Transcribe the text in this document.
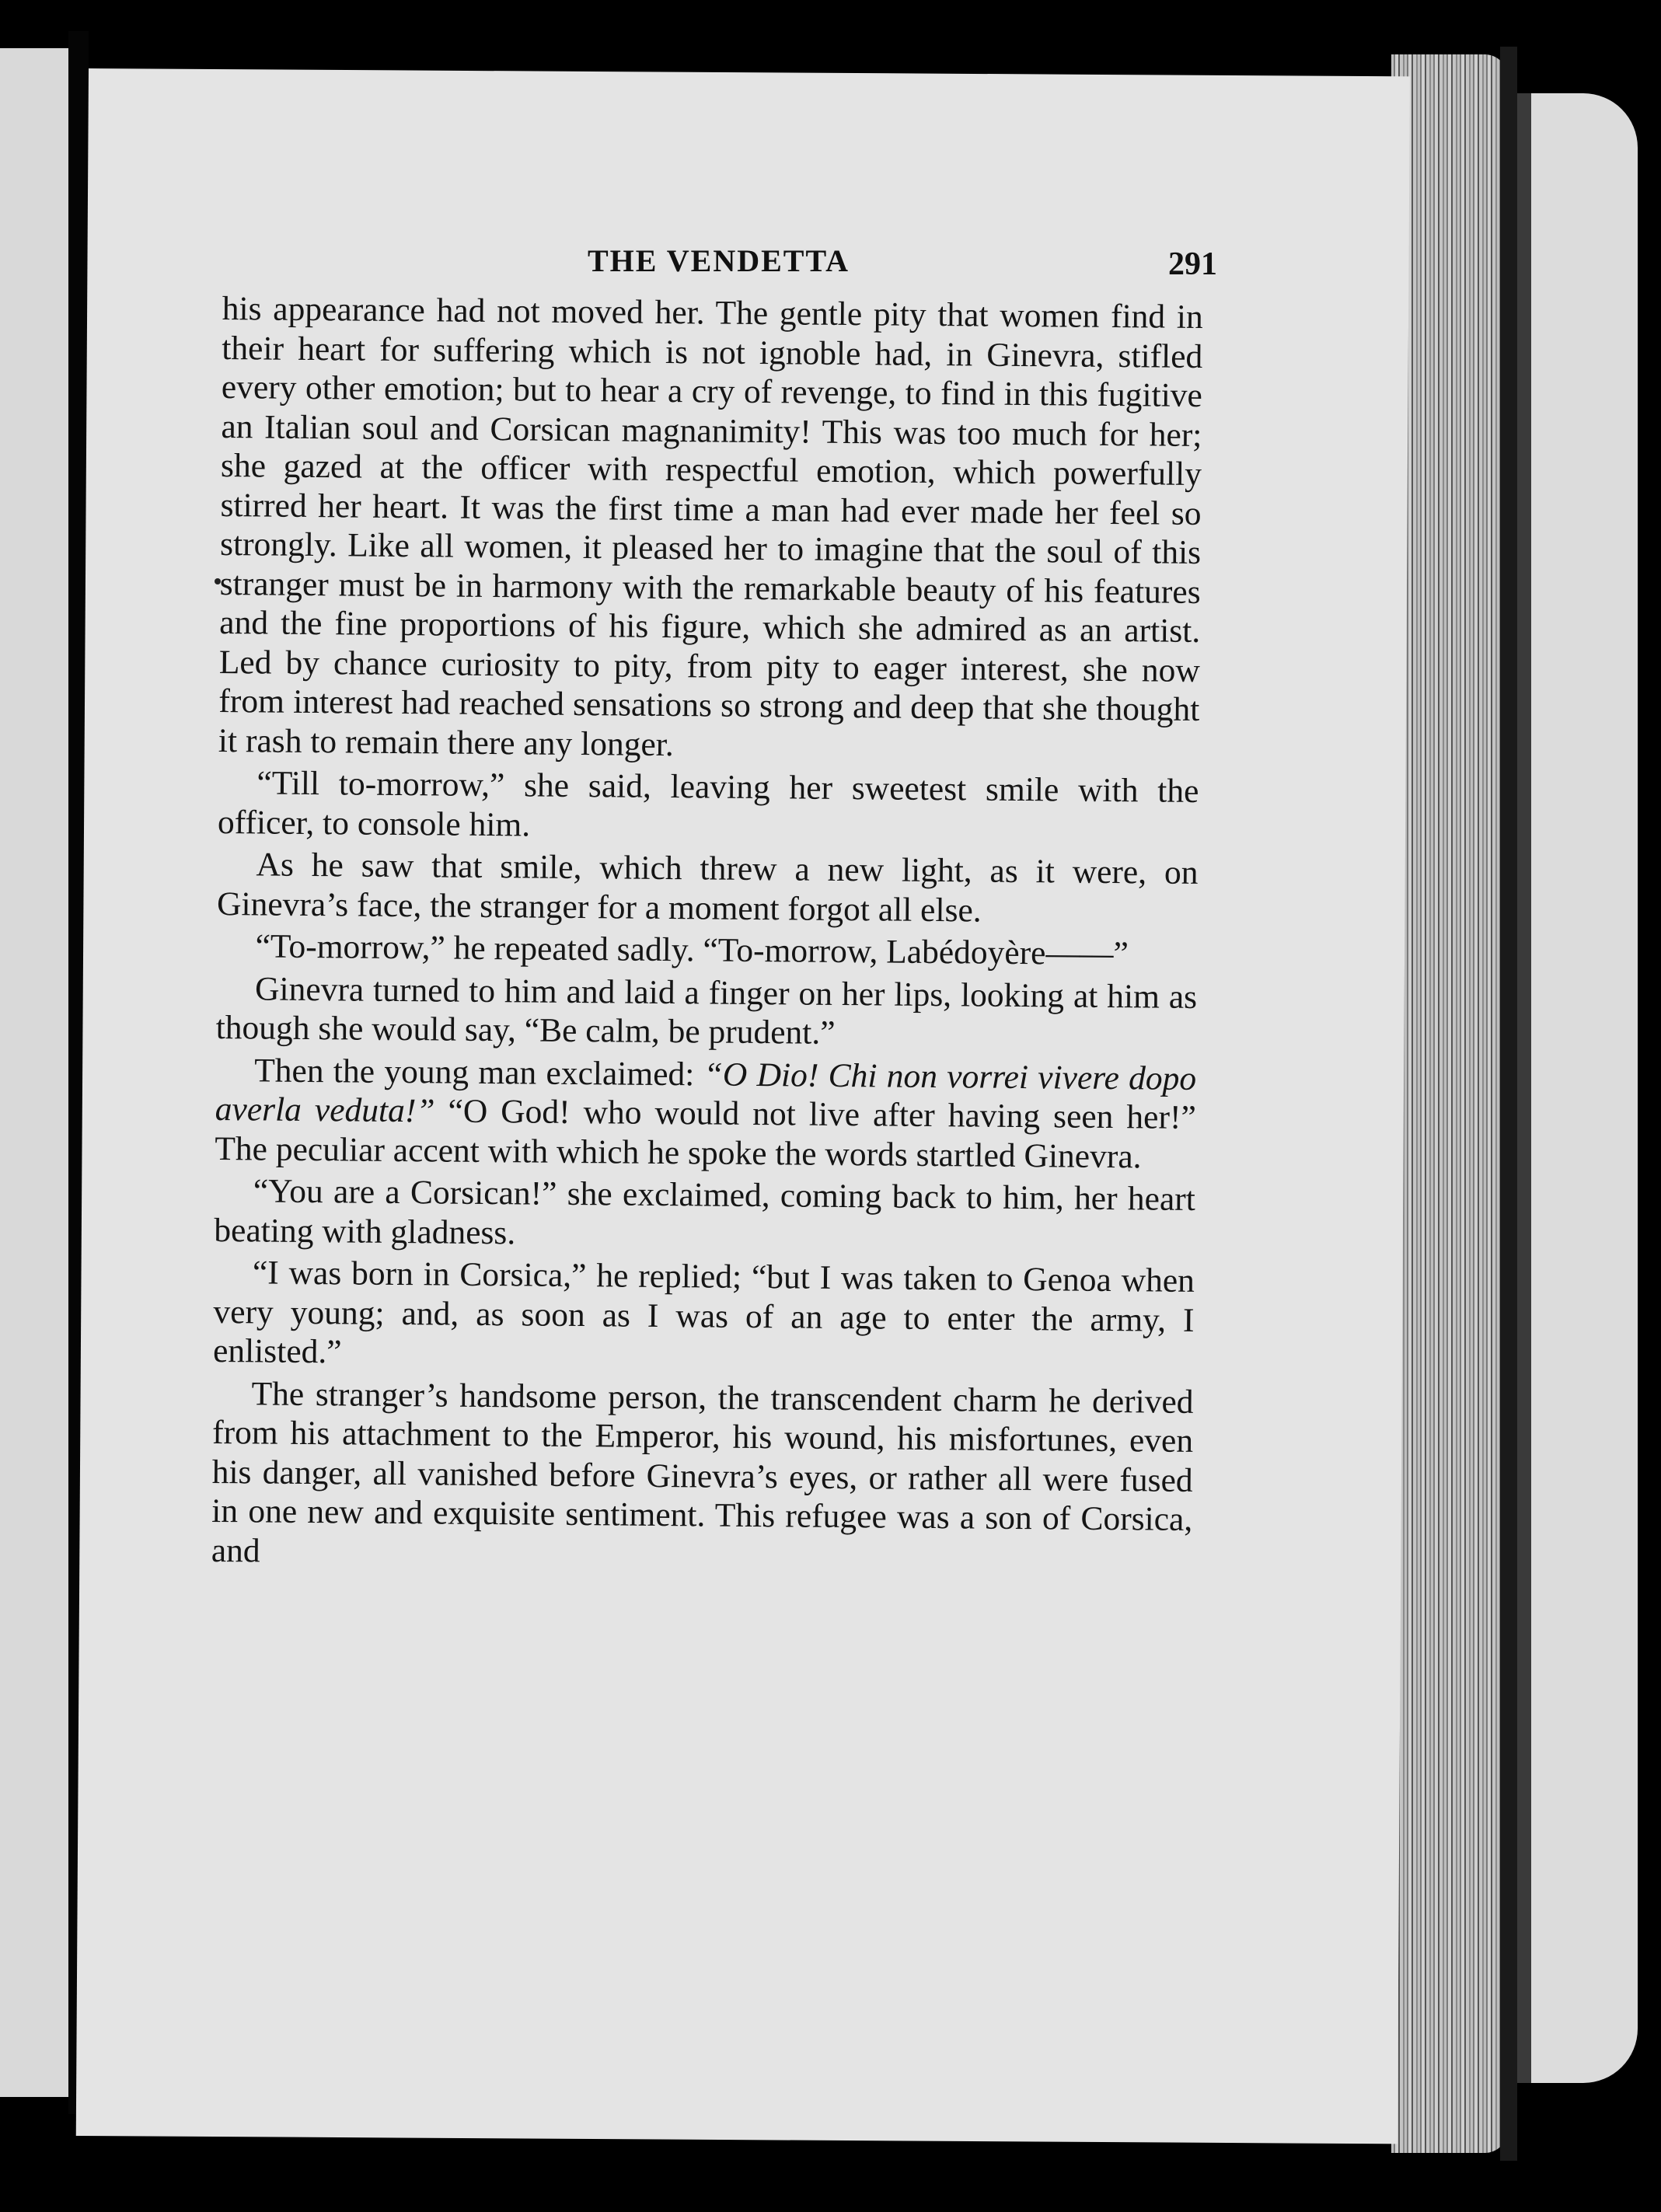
THE VENDETTA	291

his appearance had not moved her. The gentle pity that women find in their heart for suffering which is not ignoble had, in Ginevra, stifled every other emotion; but to hear a cry of revenge, to find in this fugitive an Italian soul and Corsican magnanimity! This was too much for her; she gazed at the officer with respectful emotion, which powerfully stirred her heart. It was the first time a man had ever made her feel so strongly. Like all women, it pleased her to imagine that the soul of this stranger must be in harmony with the remarkable beauty of his features and the fine proportions of his figure, which she admired as an artist. Led by chance curiosity to pity, from pity to eager interest, she now from interest had reached sensations so strong and deep that she thought it rash to remain there any longer.

“Till to-morrow,” she said, leaving her sweetest smile with the officer, to console him.

As he saw that smile, which threw a new light, as it were, on Ginevra’s face, the stranger for a moment forgot all else.

“To-morrow,” he repeated sadly. “To-morrow, Labédoyère——”

Ginevra turned to him and laid a finger on her lips, looking at him as though she would say, “Be calm, be prudent.”

Then the young man exclaimed: “O Dio! Chi non vorrei vivere dopo averla veduta!” “O God! who would not live after having seen her!” The peculiar accent with which he spoke the words startled Ginevra.

“You are a Corsican!” she exclaimed, coming back to him, her heart beating with gladness.

“I was born in Corsica,” he replied; “but I was taken to Genoa when very young; and, as soon as I was of an age to enter the army, I enlisted.”

The stranger’s handsome person, the transcendent charm he derived from his attachment to the Emperor, his wound, his misfortunes, even his danger, all vanished before Ginevra’s eyes, or rather all were fused in one new and exquisite sentiment. This refugee was a son of Corsica, and
